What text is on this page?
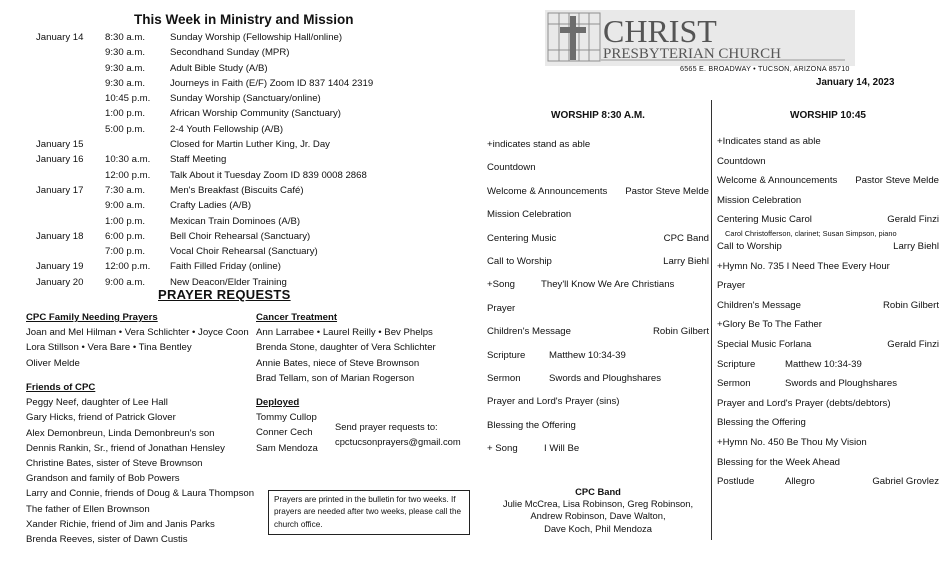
This Week in Ministry and Mission
January 14 8:30 a.m.	Sunday Worship (Fellowship Hall/online)
9:30 a.m.	Secondhand Sunday (MPR)
9:30 a.m.	Adult Bible Study (A/B)
9:30 a.m.	Journeys in Faith (E/F) Zoom ID 837 1404 2319
10:45 p.m. Sunday Worship (Sanctuary/online)
1:00 p.m.	African Worship Community (Sanctuary)
5:00 p.m.	2-4 Youth Fellowship (A/B)
January 15	Closed for Martin Luther King, Jr. Day
January 16 10:30 a.m. Staff Meeting
12:00 p.m. Talk About it Tuesday Zoom ID 839 0008 2868
January 17 7:30 a.m.	Men's Breakfast (Biscuits Café)
9:00 a.m.	Crafty Ladies (A/B)
1:00 p.m.	Mexican Train Dominoes (A/B)
January 18 6:00 p.m.	Bell Choir Rehearsal (Sanctuary)
7:00 p.m.	Vocal Choir Rehearsal (Sanctuary)
January 19 12:00 p.m. Faith Filled Friday (online)
January 20 9:00 a.m.	New Deacon/Elder Training
PRAYER REQUESTS
CPC Family Needing Prayers
Joan and Mel Hilman • Vera Schlichter • Joyce Coon
Lora Stillson • Vera Bare • Tina Bentley
Oliver Melde
Friends of CPC
Peggy Neef, daughter of Lee Hall
Gary Hicks, friend of Patrick Glover
Alex Demonbreun, Linda Demonbreun's son
Dennis Rankin, Sr., friend of Jonathan Hensley
Christine Bates, sister of Steve Brownson
Grandson and family of Bob Powers
Larry and Connie, friends of Doug & Laura Thompson
The father of Ellen Brownson
Xander Richie, friend of Jim and Janis Parks
Brenda Reeves, sister of Dawn Custis
Cancer Treatment
Ann Larrabee • Laurel Reilly • Bev Phelps
Brenda Stone, daughter of Vera Schlichter
Annie Bates, niece of Steve Brownson
Brad Tellam, son of Marian Rogerson
Deployed
Tommy Cullop
Conner Cech
Sam Mendoza
Send prayer requests to:
cpctucsonprayers@gmail.com
Prayers are printed in the bulletin for two weeks. If prayers are needed after two weeks, please call the church office.
CHRIST
PRESBYTERIAN CHURCH
6565 E. BROADWAY • TUCSON, ARIZONA 85710
January 14, 2023
WORSHIP 8:30 A.M.
+indicates stand as able
Countdown
Welcome & Announcements Pastor Steve Melde
Mission Celebration
Centering Music	CPC Band
Call to Worship	Larry Biehl
+Song	They'll Know We Are Christians
Prayer
Children's Message	Robin Gilbert
Scripture Matthew 10:34-39
Sermon	Swords and Ploughshares
Prayer and Lord's Prayer (sins)
Blessing the Offering
+ Song	I Will Be
CPC Band
Julie McCrea, Lisa Robinson, Greg Robinson,
Andrew Robinson, Dave Walton,
Dave Koch, Phil Mendoza
WORSHIP 10:45
+Indicates stand as able
Countdown
Welcome & Announcements Pastor Steve Melde
Mission Celebration
Centering Music Carol	Gerald Finzi
Carol Christofferson, clarinet; Susan Simpson, piano
Call to Worship	Larry Biehl
+Hymn No. 735 I Need Thee Every Hour
Prayer
Children's Message	Robin Gilbert
+Glory Be To The Father
Special Music Forlana	Gerald Finzi
Scripture	Matthew 10:34-39
Sermon	Swords and Ploughshares
Prayer and Lord's Prayer (debts/debtors)
Blessing the Offering
+Hymn No. 450 Be Thou My Vision
Blessing for the Week Ahead
Postlude	Allegro	Gabriel Grovlez
